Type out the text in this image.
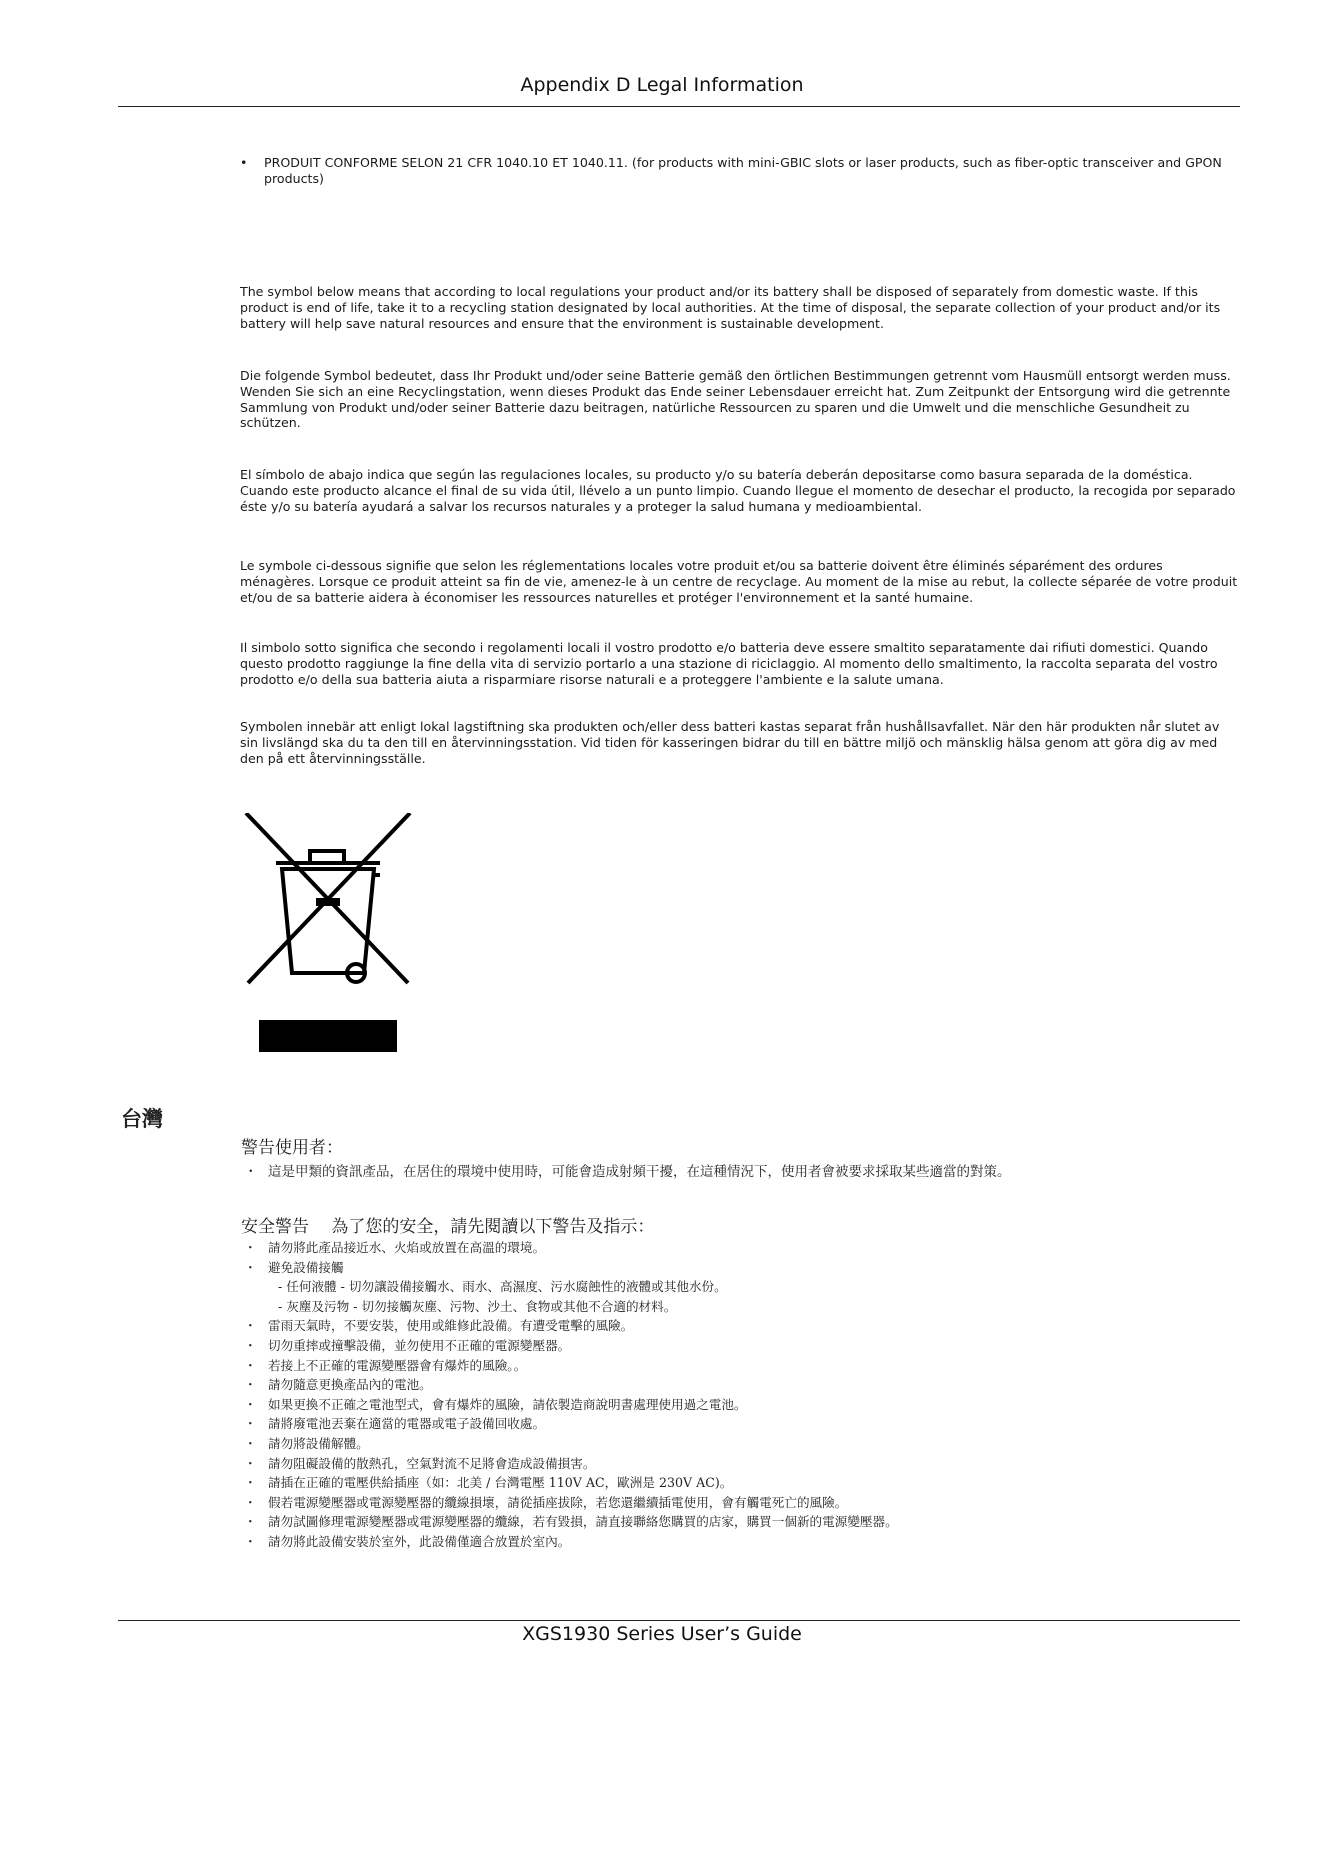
Appendix D Legal Information
• PRODUIT CONFORME SELON 21 CFR 1040.10 ET 1040.11. (for products with mini-GBIC slots or laser products, such as fiber-optic transceiver and GPON products)

The symbol below means that according to local regulations your product and/or its battery shall be disposed of separately from domestic waste. If this product is end of life, take it to a recycling station designated by local authorities. At the time of disposal, the separate collection of your product and/or its battery will help save natural resources and ensure that the environment is sustainable development.

Die folgende Symbol bedeutet, dass Ihr Produkt und/oder seine Batterie gemäß den örtlichen Bestimmungen getrennt vom Hausmüll entsorgt werden muss. Wenden Sie sich an eine Recyclingstation, wenn dieses Produkt das Ende seiner Lebensdauer erreicht hat. Zum Zeitpunkt der Entsorgung wird die getrennte Sammlung von Produkt und/oder seiner Batterie dazu beitragen, natürliche Ressourcen zu sparen und die Umwelt und die menschliche Gesundheit zu schützen.

El símbolo de abajo indica que según las regulaciones locales, su producto y/o su batería deberán depositarse como basura separada de la doméstica. Cuando este producto alcance el final de su vida útil, llévelo a un punto limpio. Cuando llegue el momento de desechar el producto, la recogida por separado éste y/o su batería ayudará a salvar los recursos naturales y a proteger la salud humana y medioambiental.

Le symbole ci-dessous signifie que selon les réglementations locales votre produit et/ou sa batterie doivent être éliminés séparément des ordures ménagères. Lorsque ce produit atteint sa fin de vie, amenez-le à un centre de recyclage. Au moment de la mise au rebut, la collecte séparée de votre produit et/ou de sa batterie aidera à économiser les ressources naturelles et protéger l'environnement et la santé humaine.

Il simbolo sotto significa che secondo i regolamenti locali il vostro prodotto e/o batteria deve essere smaltito separatamente dai rifiuti domestici. Quando questo prodotto raggiunge la fine della vita di servizio portarlo a una stazione di riciclaggio. Al momento dello smaltimento, la raccolta separata del vostro prodotto e/o della sua batteria aiuta a risparmiare risorse naturali e a proteggere l'ambiente e la salute umana.

Symbolen innebär att enligt lokal lagstiftning ska produkten och/eller dess batteri kastas separat från hushållsavfallet. När den här produkten når slutet av sin livslängd ska du ta den till en återvinningsstation. Vid tiden för kasseringen bidrar du till en bättre miljö och mänsklig hälsa genom att göra dig av med den på ett återvinningsställe.

台灣
警告使用者：
・ 這是甲類的資訊產品，在居住的環境中使用時，可能會造成射頻干擾，在這種情況下，使用者會被要求採取某些適當的對策。
安全警告　 為了您的安全，請先閱讀以下警告及指示：
・ 請勿將此產品接近水、火焰或放置在高溫的環境。
・ 避免設備接觸
- 任何液體 - 切勿讓設備接觸水、雨水、高濕度、污水腐蝕性的液體或其他水份。
- 灰塵及污物 - 切勿接觸灰塵、污物、沙土、食物或其他不合適的材料。
・ 雷雨天氣時，不要安裝，使用或維修此設備。有遭受電擊的風險。
・ 切勿重摔或撞擊設備，並勿使用不正確的電源變壓器。
・ 若接上不正確的電源變壓器會有爆炸的風險。。
・ 請勿隨意更換產品內的電池。
・ 如果更換不正確之電池型式，會有爆炸的風險，請依製造商說明書處理使用過之電池。
・ 請將廢電池丟棄在適當的電器或電子設備回收處。
・ 請勿將設備解體。
・ 請勿阻礙設備的散熱孔，空氣對流不足將會造成設備損害。
・ 請插在正確的電壓供給插座（如：北美 / 台灣電壓 110V AC，歐洲是 230V AC)。
・ 假若電源變壓器或電源變壓器的纜線損壞，請從插座拔除，若您還繼續插電使用，會有觸電死亡的風險。
・ 請勿試圖修理電源變壓器或電源變壓器的纜線，若有毀損，請直接聯絡您購買的店家，購買一個新的電源變壓器。
・ 請勿將此設備安裝於室外，此設備僅適合放置於室內。
XGS1930 Series User’s Guide
